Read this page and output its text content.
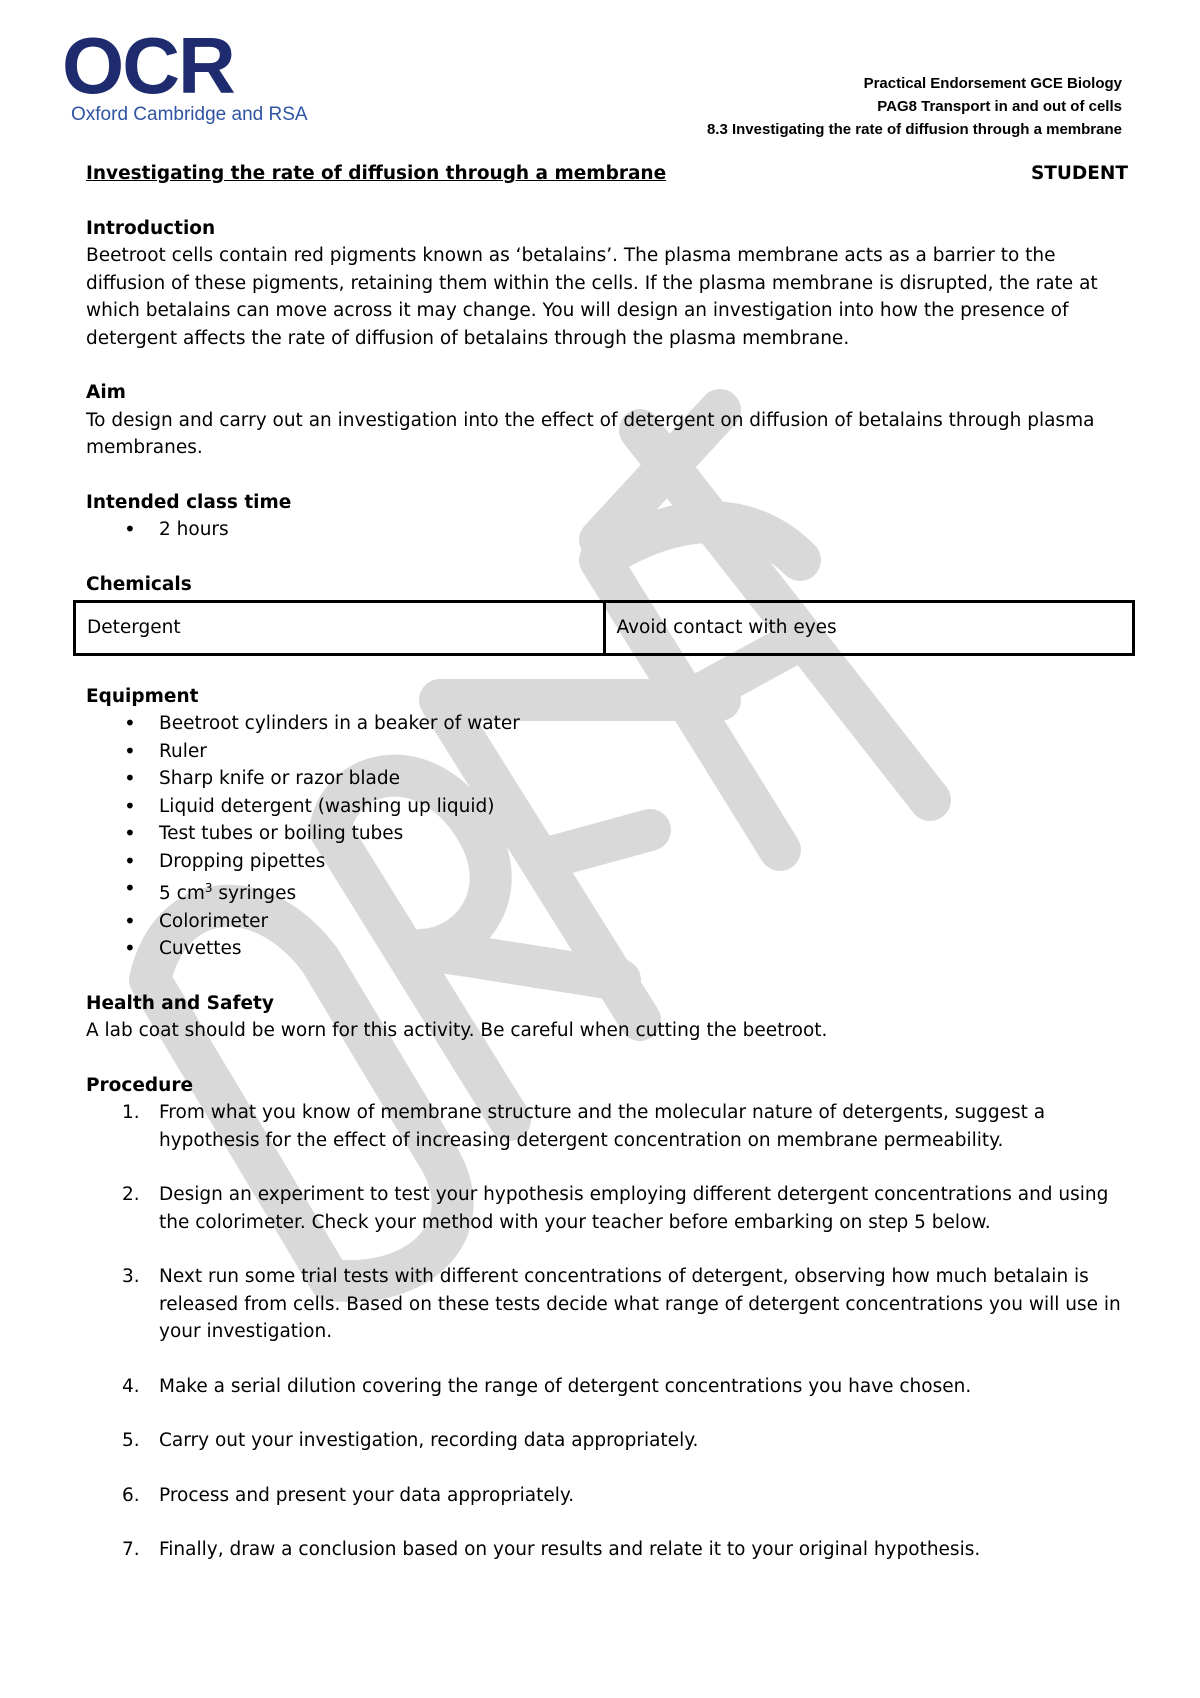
OCR
Oxford Cambridge and RSA
Practical Endorsement GCE Biology
PAG8 Transport in and out of cells
8.3 Investigating the rate of diffusion through a membrane
Investigating the rate of diffusion through a membrane	STUDENT
Introduction

Beetroot cells contain red pigments known as ‘betalains’. The plasma membrane acts as a barrier to the diffusion of these pigments, retaining them within the cells. If the plasma membrane is disrupted, the rate at which betalains can move across it may change. You will design an investigation into how the presence of detergent affects the rate of diffusion of betalains through the plasma membrane.

Aim

To design and carry out an investigation into the effect of detergent on diffusion of betalains through plasma membranes.

Intended class time
• 2 hours
Chemicals
Detergent	Avoid contact with eyes
Equipment
• Beetroot cylinders in a beaker of water
• Ruler
• Sharp knife or razor blade
• Liquid detergent (washing up liquid)
• Test tubes or boiling tubes
• Dropping pipettes
• 5 $cm^3$ syringes
• Colorimeter
• Cuvettes
Health and Safety

A lab coat should be worn for this activity. Be careful when cutting the beetroot.

Procedure
1. From what you know of membrane structure and the molecular nature of detergents, suggest a hypothesis for the effect of increasing detergent concentration on membrane permeability.
2. Design an experiment to test your hypothesis employing different detergent concentrations and using the colorimeter. Check your method with your teacher before embarking on step 5 below.
3. Next run some trial tests with different concentrations of detergent, observing how much betalain is released from cells. Based on these tests decide what range of detergent concentrations you will use in your investigation.
4. Make a serial dilution covering the range of detergent concentrations you have chosen.
5. Carry out your investigation, recording data appropriately.
6. Process and present your data appropriately.
7. Finally, draw a conclusion based on your results and relate it to your original hypothesis.
